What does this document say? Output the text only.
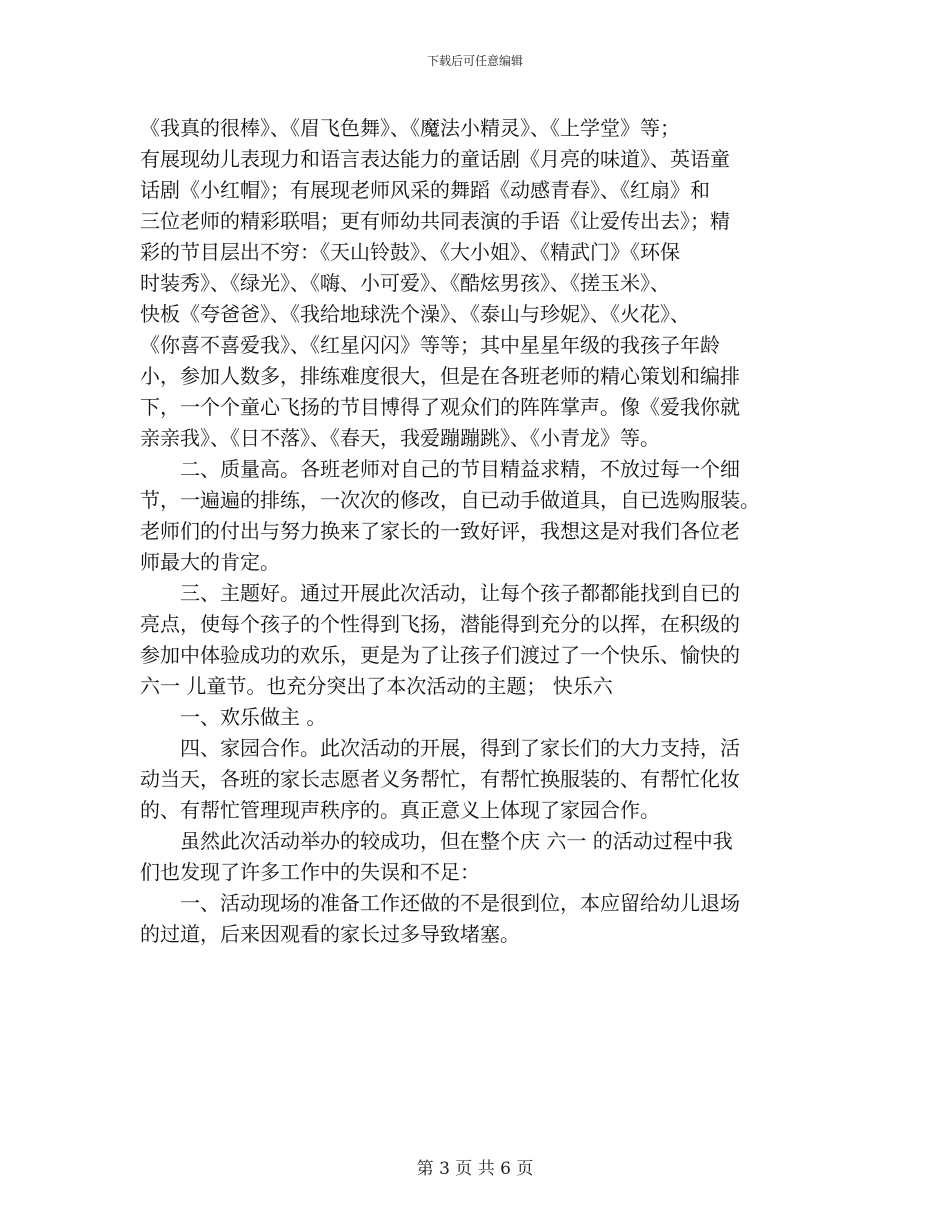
下载后可任意编辑
《我真的很棒》、《眉飞色舞》、《魔法小精灵》、《上学堂》等；
有展现幼儿表现力和语言表达能力的童话剧《月亮的味道》、英语童
话剧《小红帽》；有展现老师风采的舞蹈《动感青春》、《红扇》和
三位老师的精彩联唱；更有师幼共同表演的手语《让爱传出去》；精
彩的节目层出不穷：《天山铃鼓》、《大小姐》、《精武门》《环保
时装秀》、《绿光》、《嗨、小可爱》、《酷炫男孩》、《搓玉米》、
快板《夸爸爸》、《我给地球洗个澡》、《泰山与珍妮》、《火花》、
《你喜不喜爱我》、《红星闪闪》等等；其中星星年级的我孩子年龄
小，参加人数多，排练难度很大，但是在各班老师的精心策划和编排
下，一个个童心飞扬的节目博得了观众们的阵阵掌声。像《爱我你就
亲亲我》、《日不落》、《春天，我爱蹦蹦跳》、《小青龙》等。
　　二、质量高。各班老师对自己的节目精益求精，不放过每一个细
节，一遍遍的排练，一次次的修改，自已动手做道具，自已选购服装。
老师们的付出与努力换来了家长的一致好评，我想这是对我们各位老
师最大的肯定。
　　三、主题好。通过开展此次活动，让每个孩子都都能找到自已的
亮点，使每个孩子的个性得到飞扬，潜能得到充分的以挥，在积级的
参加中体验成功的欢乐，更是为了让孩子们渡过了一个快乐、愉快的
六一 儿童节。也充分突出了本次活动的主题； 快乐六
　　一、欢乐做主 。
　　四、家园合作。此次活动的开展，得到了家长们的大力支持，活
动当天，各班的家长志愿者义务帮忙，有帮忙换服装的、有帮忙化妆
的、有帮忙管理现声秩序的。真正意义上体现了家园合作。
　　虽然此次活动举办的较成功，但在整个庆 六一 的活动过程中我
们也发现了许多工作中的失误和不足：
　　一、活动现场的准备工作还做的不是很到位，本应留给幼儿退场
的过道，后来因观看的家长过多导致堵塞。
第 3 页 共 6 页
